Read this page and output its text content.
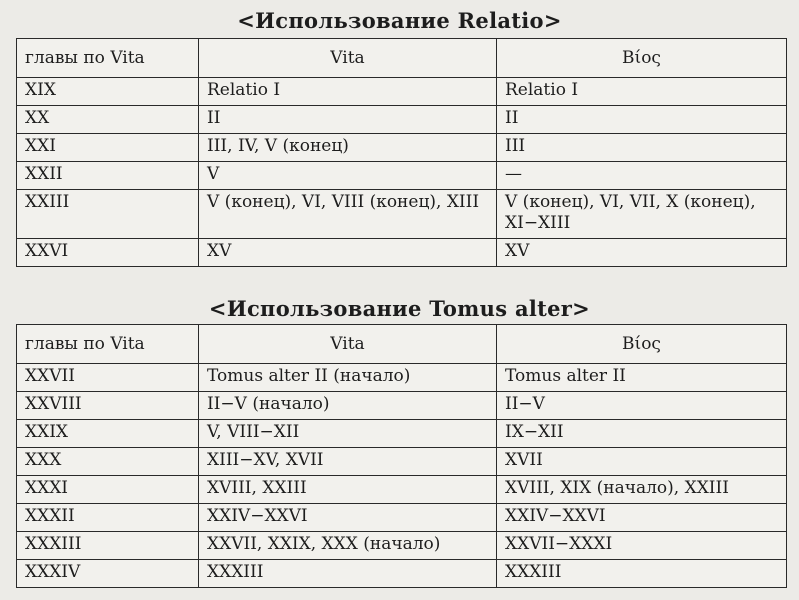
<Использование Relatio>
главы по Vita	Vita	Βίος
XIX	Relatio I	Relatio I
XX	II	II
XXI	III, IV, V (конец)	III
XXII	V	—
XXIII	V (конец), VI, VIII (конец), XIII	V (конец), VI, VII, X (конец), XI−XIII
XXVI	XV	XV
<Использование Tomus alter>
главы по Vita	Vita	Βίος
XXVII	Tomus alter II (начало)	Tomus alter II
XXVIII	II−V (начало)	II−V
XXIX	V, VIII−XII	IX−XII
XXX	XIII−XV, XVII	XVII
XXXI	XVIII, XXIII	XVIII, XIX (начало), XXIII
XXXII	XXIV−XXVI	XXIV−XXVI
XXXIII	XXVII, XXIX, XXX (начало)	XXVII−XXXI
XXXIV	XXXIII	XXXIII
